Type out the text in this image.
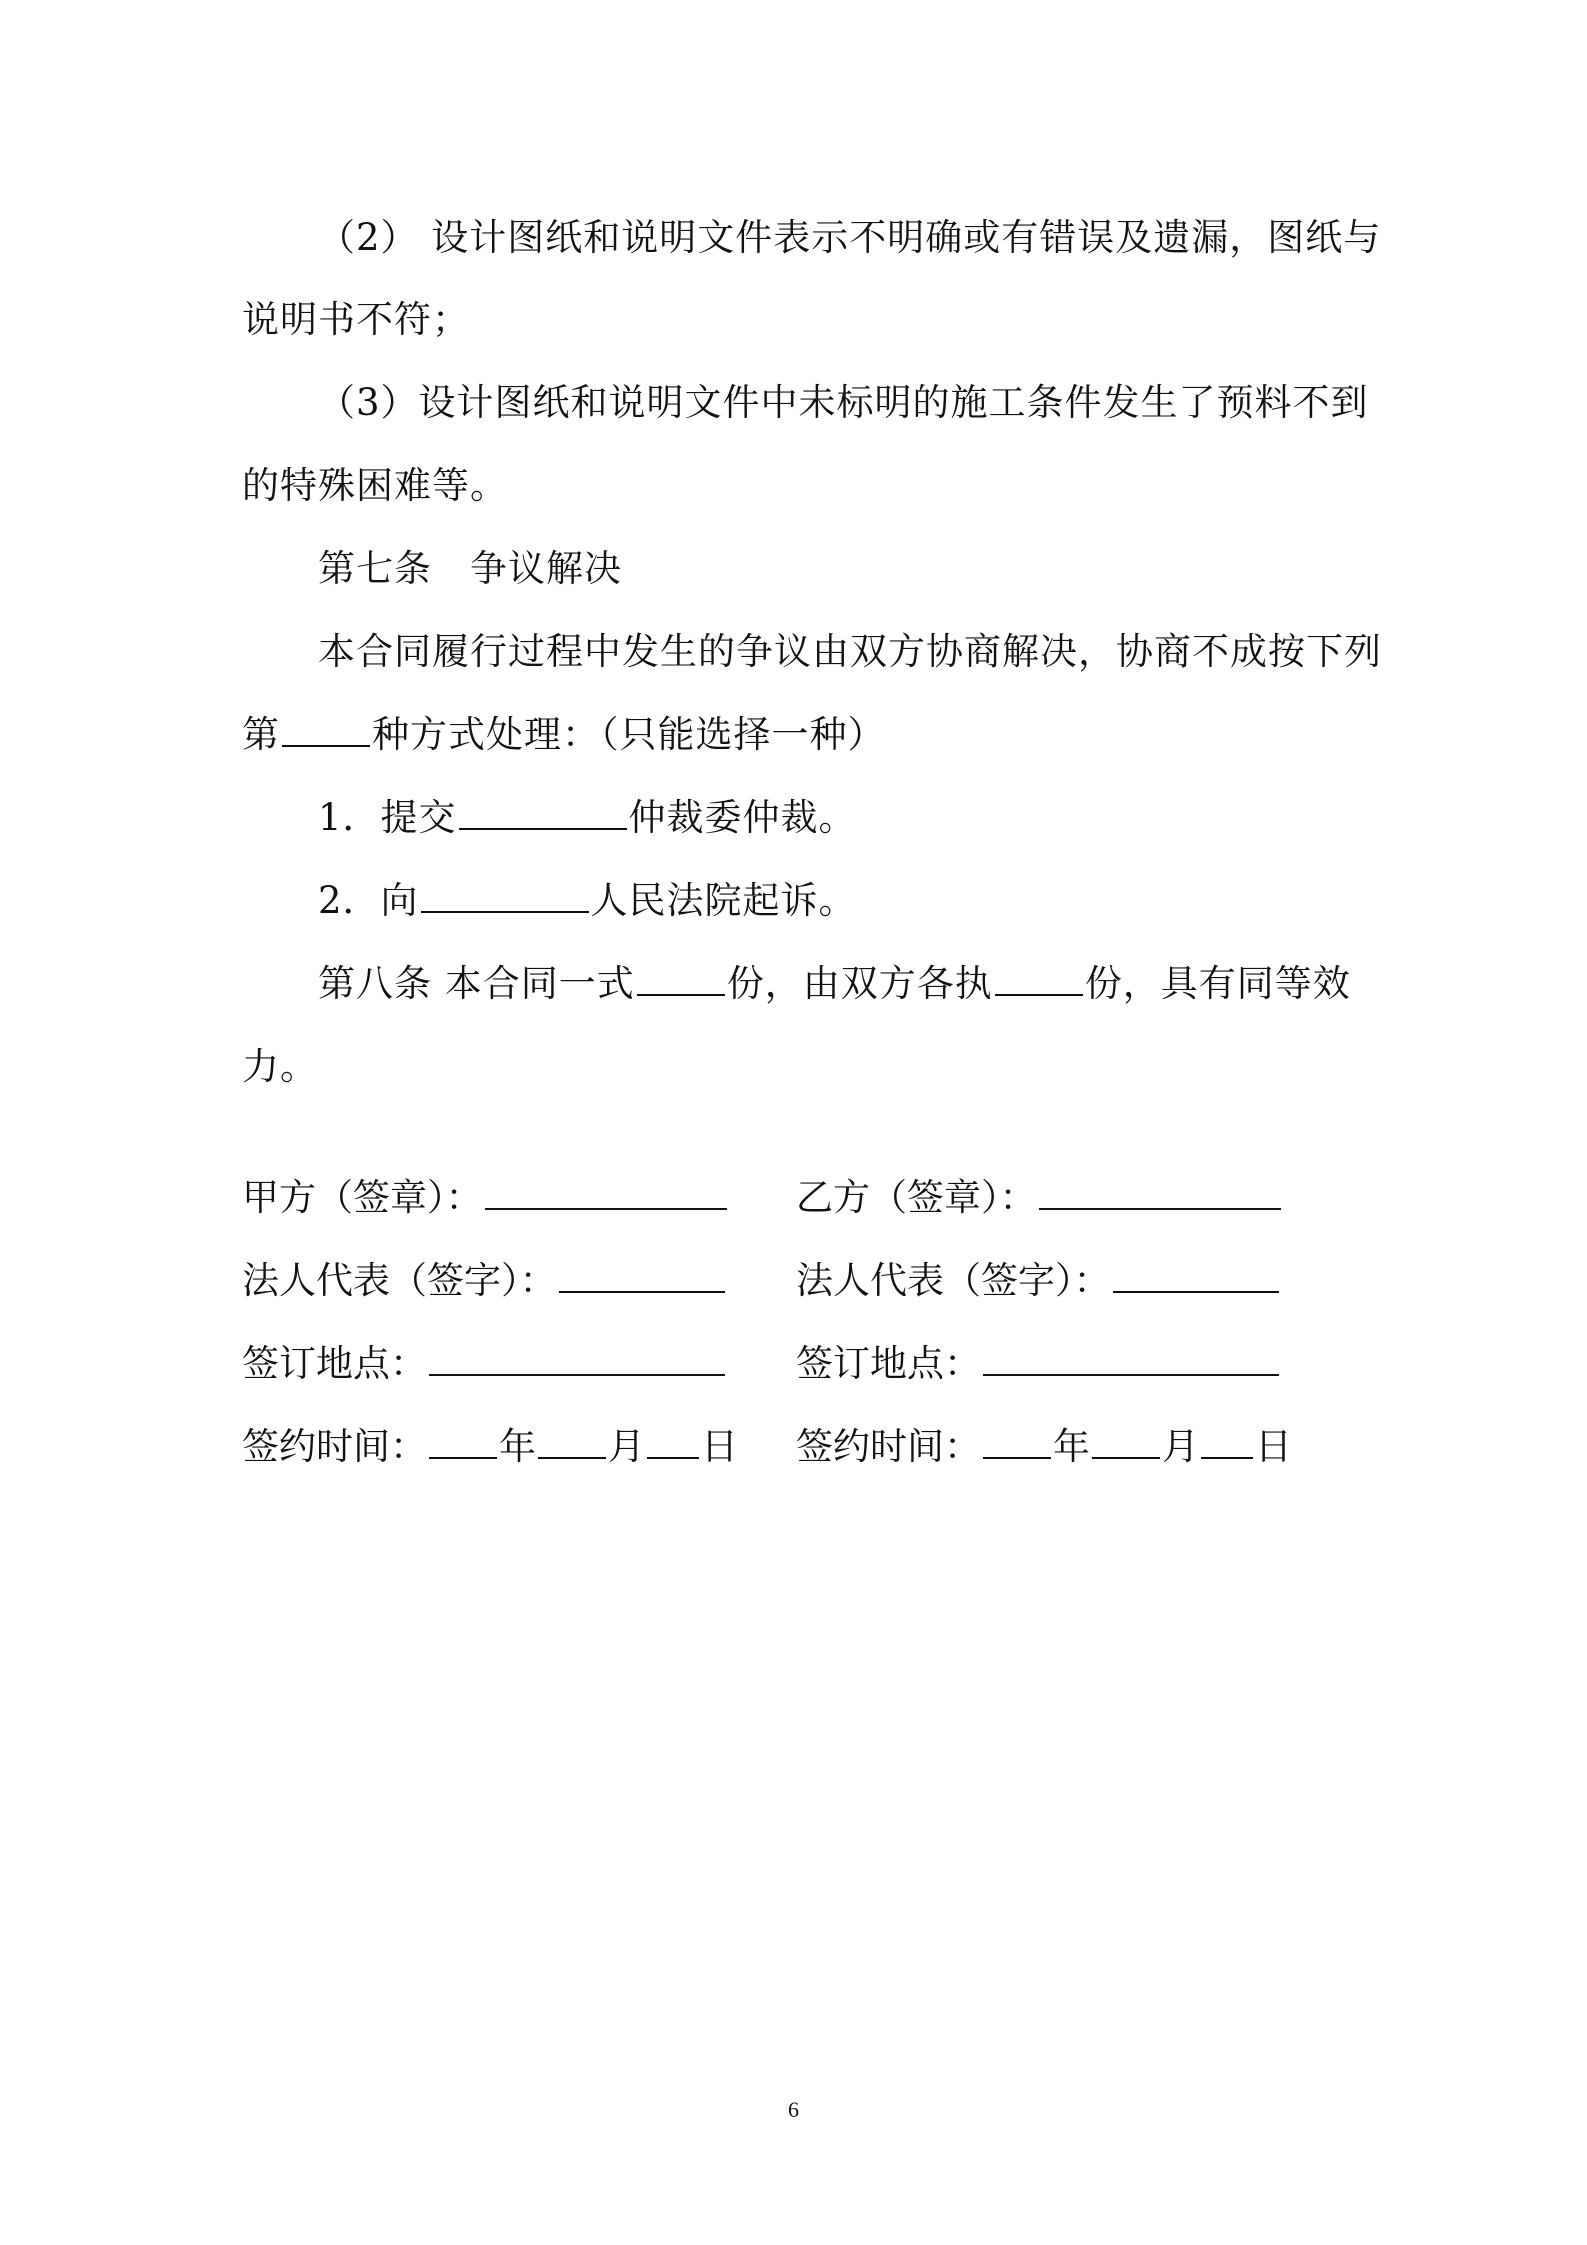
（2） 设计图纸和说明文件表示不明确或有错误及遗漏，图纸与
说明书不符；
（3）设计图纸和说明文件中未标明的施工条件发生了预料不到
的特殊困难等。
第七条　争议解决
本合同履行过程中发生的争议由双方协商解决，协商不成按下列
第 种方式处理：（只能选择一种）
1．提交	仲裁委仲裁。
2．向	人民法院起诉。
第八条 本合同一式 份，由双方各执 份，具有同等效
力。
甲方（签章）：
法人代表（签字）：
签订地点：
签约时间： 年 月 日
乙方（签章）：
法人代表（签字）：
签订地点：
签约时间： 年 月 日
6
